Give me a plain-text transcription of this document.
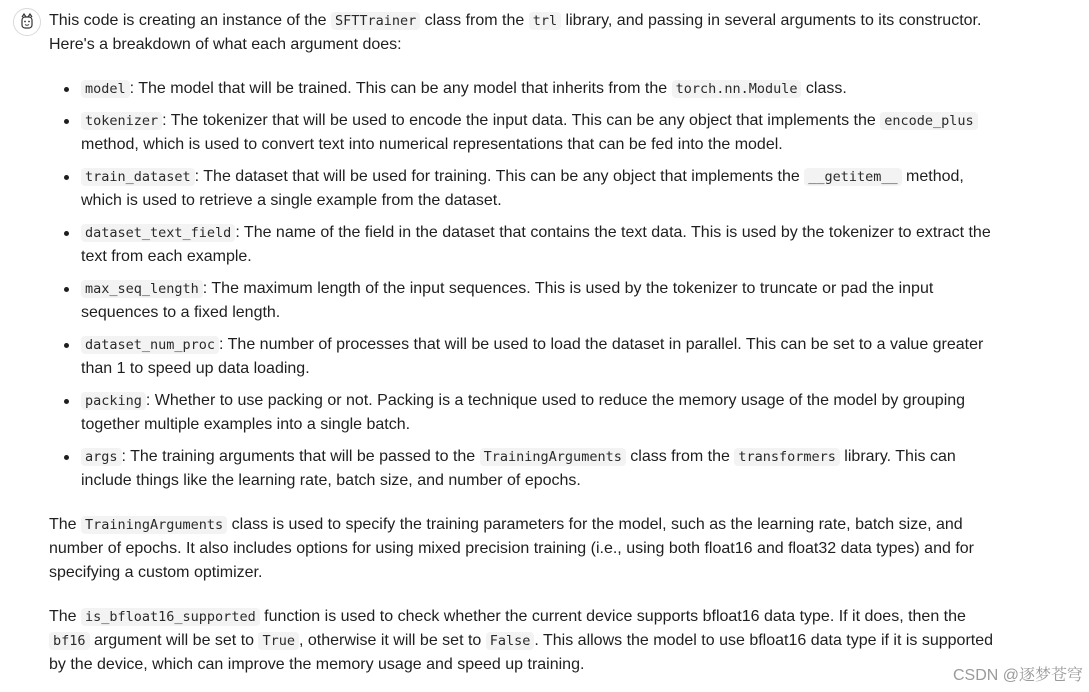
This code is creating an instance of the SFTTrainer class from the trl library, and passing in several arguments to its constructor. Here's a breakdown of what each argument does:

model : The model that will be trained. This can be any model that inherits from the torch.nn.Module class.
tokenizer : The tokenizer that will be used to encode the input data. This can be any object that implements the encode_plus method, which is used to convert text into numerical representations that can be fed into the model.
train_dataset : The dataset that will be used for training. This can be any object that implements the __getitem__ method, which is used to retrieve a single example from the dataset.
dataset_text_field : The name of the field in the dataset that contains the text data. This is used by the tokenizer to extract the text from each example.
max_seq_length : The maximum length of the input sequences. This is used by the tokenizer to truncate or pad the input sequences to a fixed length.
dataset_num_proc : The number of processes that will be used to load the dataset in parallel. This can be set to a value greater than 1 to speed up data loading.
packing : Whether to use packing or not. Packing is a technique used to reduce the memory usage of the model by grouping together multiple examples into a single batch.
args : The training arguments that will be passed to the TrainingArguments class from the transformers library. This can include things like the learning rate, batch size, and number of epochs.

The TrainingArguments class is used to specify the training parameters for the model, such as the learning rate, batch size, and number of epochs. It also includes options for using mixed precision training (i.e., using both float16 and float32 data types) and for specifying a custom optimizer.

The is_bfloat16_supported function is used to check whether the current device supports bfloat16 data type. If it does, then the bf16 argument will be set to True , otherwise it will be set to False . This allows the model to use bfloat16 data type if it is supported by the device, which can improve the memory usage and speed up training.

CSDN @逐梦苍穹
